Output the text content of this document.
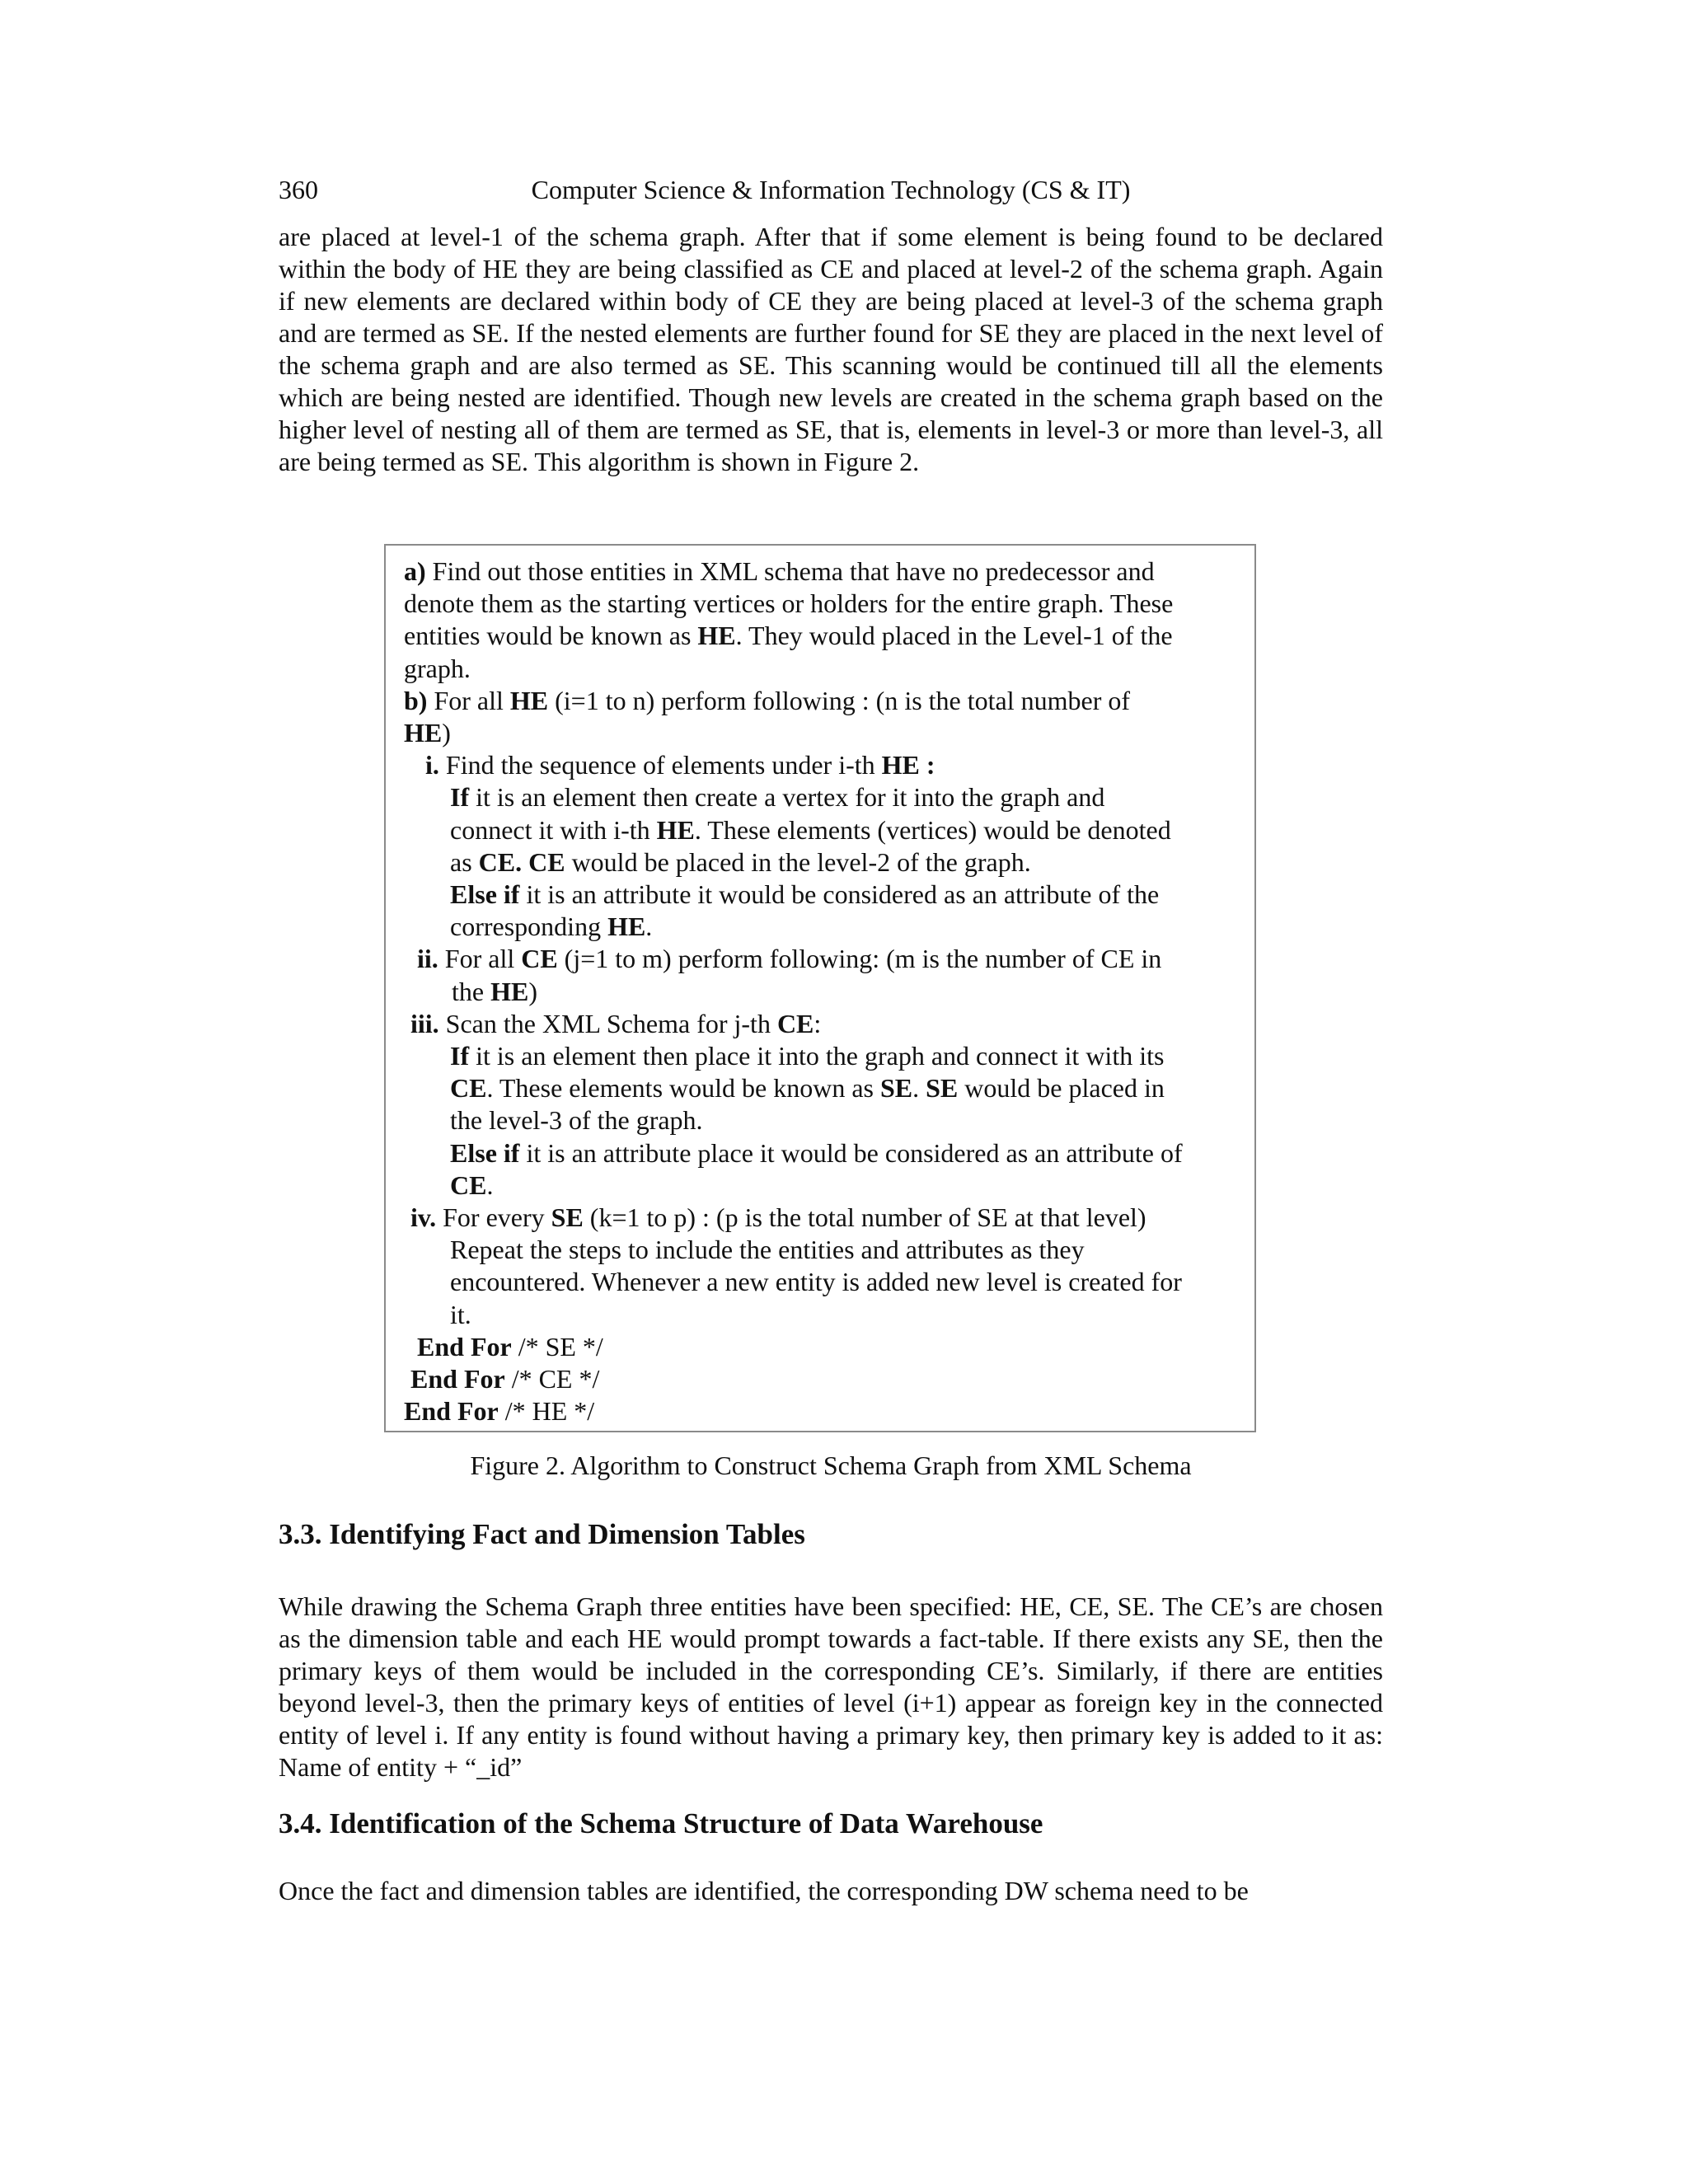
360	Computer Science & Information Technology (CS & IT)

are placed at level-1 of the schema graph. After that if some element is being found to be declared within the body of HE they are being classified as CE and placed at level-2 of the schema graph. Again if new elements are declared within body of CE they are being placed at level-3 of the schema graph and are termed as SE. If the nested elements are further found for SE they are placed in the next level of the schema graph and are also termed as SE. This scanning would be continued till all the elements which are being nested are identified. Though new levels are created in the schema graph based on the higher level of nesting all of them are termed as SE, that is, elements in level-3 or more than level-3, all are being termed as SE. This algorithm is shown in Figure 2.

a) Find out those entities in XML schema that have no predecessor and
denote them as the starting vertices or holders for the entire graph. These
entities would be known as HE. They would placed in the Level-1 of the
graph.
b) For all HE (i=1 to n) perform following : (n is the total number of
HE)
i. Find the sequence of elements under i-th HE :
If it is an element then create a vertex for it into the graph and
connect it with i-th HE. These elements (vertices) would be denoted
as CE. CE would be placed in the level-2 of the graph.
Else if it is an attribute it would be considered as an attribute of the
corresponding HE.
ii. For all CE (j=1 to m) perform following: (m is the number of CE in
the HE)
iii. Scan the XML Schema for j-th CE:
If it is an element then place it into the graph and connect it with its
CE. These elements would be known as SE. SE would be placed in
the level-3 of the graph.
Else if it is an attribute place it would be considered as an attribute of
CE.
iv. For every SE (k=1 to p) : (p is the total number of SE at that level)
Repeat the steps to include the entities and attributes as they
encountered. Whenever a new entity is added new level is created for
it.
End For /* SE */
End For /* CE */
End For /* HE */
Figure 2. Algorithm to Construct Schema Graph from XML Schema
3.3. Identifying Fact and Dimension Tables

While drawing the Schema Graph three entities have been specified: HE, CE, SE. The CE’s are chosen as the dimension table and each HE would prompt towards a fact-table. If there exists any SE, then the primary keys of them would be included in the corresponding CE’s. Similarly, if there are entities beyond level-3, then the primary keys of entities of level (i+1) appear as foreign key in the connected entity of level i. If any entity is found without having a primary key, then primary key is added to it as: Name of entity + “_id”

3.4. Identification of the Schema Structure of Data Warehouse

Once the fact and dimension tables are identified, the corresponding DW schema need to be
